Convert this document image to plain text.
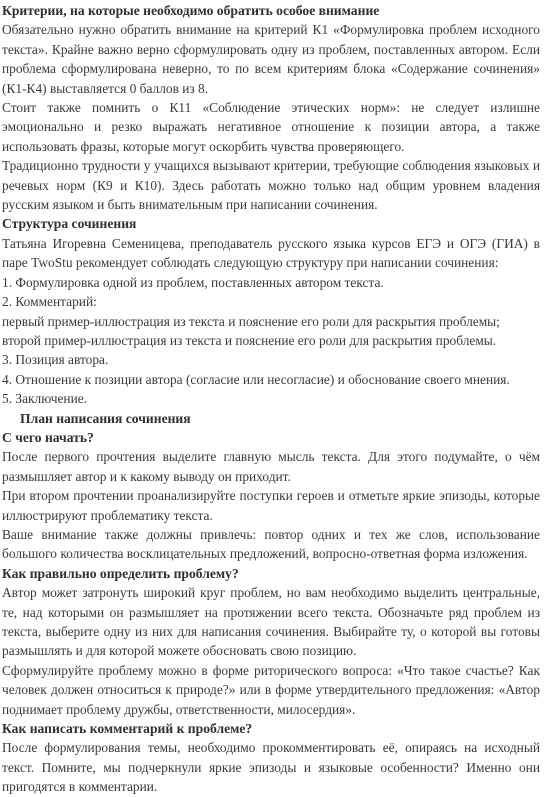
Критерии, на которые необходимо обратить особое внимание

Обязательно нужно обратить внимание на критерий К1 «Формулировка проблем исходного текста». Крайне важно верно сформулировать одну из проблем, поставленных автором. Если проблема сформулирована неверно, то по всем критериям блока «Содержание сочинения» (К1-К4) выставляется 0 баллов из 8.

Стоит также помнить о К11 «Соблюдение этических норм»: не следует излишне эмоционально и резко выражать негативное отношение к позиции автора, а также использовать фразы, которые могут оскорбить чувства проверяющего.

Традиционно трудности у учащихся вызывают критерии, требующие соблюдения языковых и речевых норм (К9 и К10). Здесь работать можно только над общим уровнем владения русским языком и быть внимательным при написании сочинения.

Структура сочинения

Татьяна Игоревна Семеницева, преподаватель русского языка курсов ЕГЭ и ОГЭ (ГИА) в паре TwoStu рекомендует соблюдать следующую структуру при написании сочинения:

1. Формулировка одной из проблем, поставленных автором текста.

2. Комментарий:

первый пример-иллюстрация из текста и пояснение его роли для раскрытия проблемы;

второй пример-иллюстрация из текста и пояснение его роли для раскрытия проблемы.

3. Позиция автора.

4. Отношение к позиции автора (согласие или несогласие) и обоснование своего мнения.

5. Заключение.

План написания сочинения
С чего начать?

После первого прочтения выделите главную мысль текста. Для этого подумайте, о чём размышляет автор и к какому выводу он приходит.

При втором прочтении проанализируйте поступки героев и отметьте яркие эпизоды, которые иллюстрируют проблематику текста.

Ваше внимание также должны привлечь: повтор одних и тех же слов, использование большого количества восклицательных предложений, вопросно-ответная форма изложения.

Как правильно определить проблему?

Автор может затронуть широкий круг проблем, но вам необходимо выделить центральные, те, над которыми он размышляет на протяжении всего текста. Обозначьте ряд проблем из текста, выберите одну из них для написания сочинения. Выбирайте ту, о которой вы готовы размышлять и для которой можете обосновать свою позицию.

Сформулируйте проблему можно в форме риторического вопроса: «Что такое счастье? Как человек должен относиться к природе?» или в форме утвердительного предложения: «Автор поднимает проблему дружбы, ответственности, милосердия».

Как написать комментарий к проблеме?

После формулирования темы, необходимо прокомментировать её, опираясь на исходный текст. Помните, мы подчеркнули яркие эпизоды и языковые особенности? Именно они пригодятся в комментарии.
